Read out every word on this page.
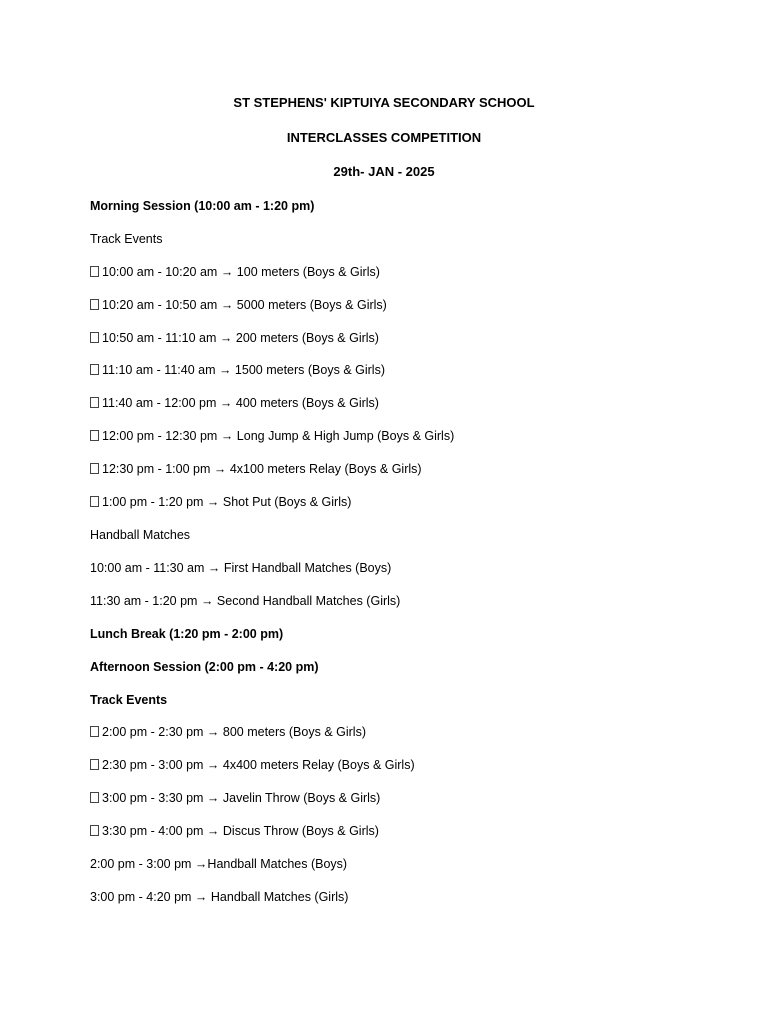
ST STEPHENS' KIPTUIYA SECONDARY SCHOOL
INTERCLASSES COMPETITION
29th- JAN - 2025
Morning Session (10:00 am - 1:20 pm)
Track Events
10:00 am - 10:20 am → 100 meters (Boys & Girls)
10:20 am - 10:50 am → 5000 meters (Boys & Girls)
10:50 am - 11:10 am → 200 meters (Boys & Girls)
11:10 am - 11:40 am → 1500 meters (Boys & Girls)
11:40 am - 12:00 pm → 400 meters (Boys & Girls)
12:00 pm - 12:30 pm → Long Jump & High Jump (Boys & Girls)
12:30 pm - 1:00 pm → 4x100 meters Relay (Boys & Girls)
1:00 pm - 1:20 pm → Shot Put (Boys & Girls)
Handball Matches
10:00 am - 11:30 am → First Handball Matches (Boys)
11:30 am - 1:20 pm → Second Handball Matches (Girls)
Lunch Break (1:20 pm - 2:00 pm)
Afternoon Session (2:00 pm - 4:20 pm)
Track Events
2:00 pm - 2:30 pm → 800 meters (Boys & Girls)
2:30 pm - 3:00 pm → 4x400 meters Relay (Boys & Girls)
3:00 pm - 3:30 pm → Javelin Throw (Boys & Girls)
3:30 pm - 4:00 pm → Discus Throw (Boys & Girls)
2:00 pm - 3:00 pm →Handball Matches (Boys)
3:00 pm - 4:20 pm → Handball Matches (Girls)
